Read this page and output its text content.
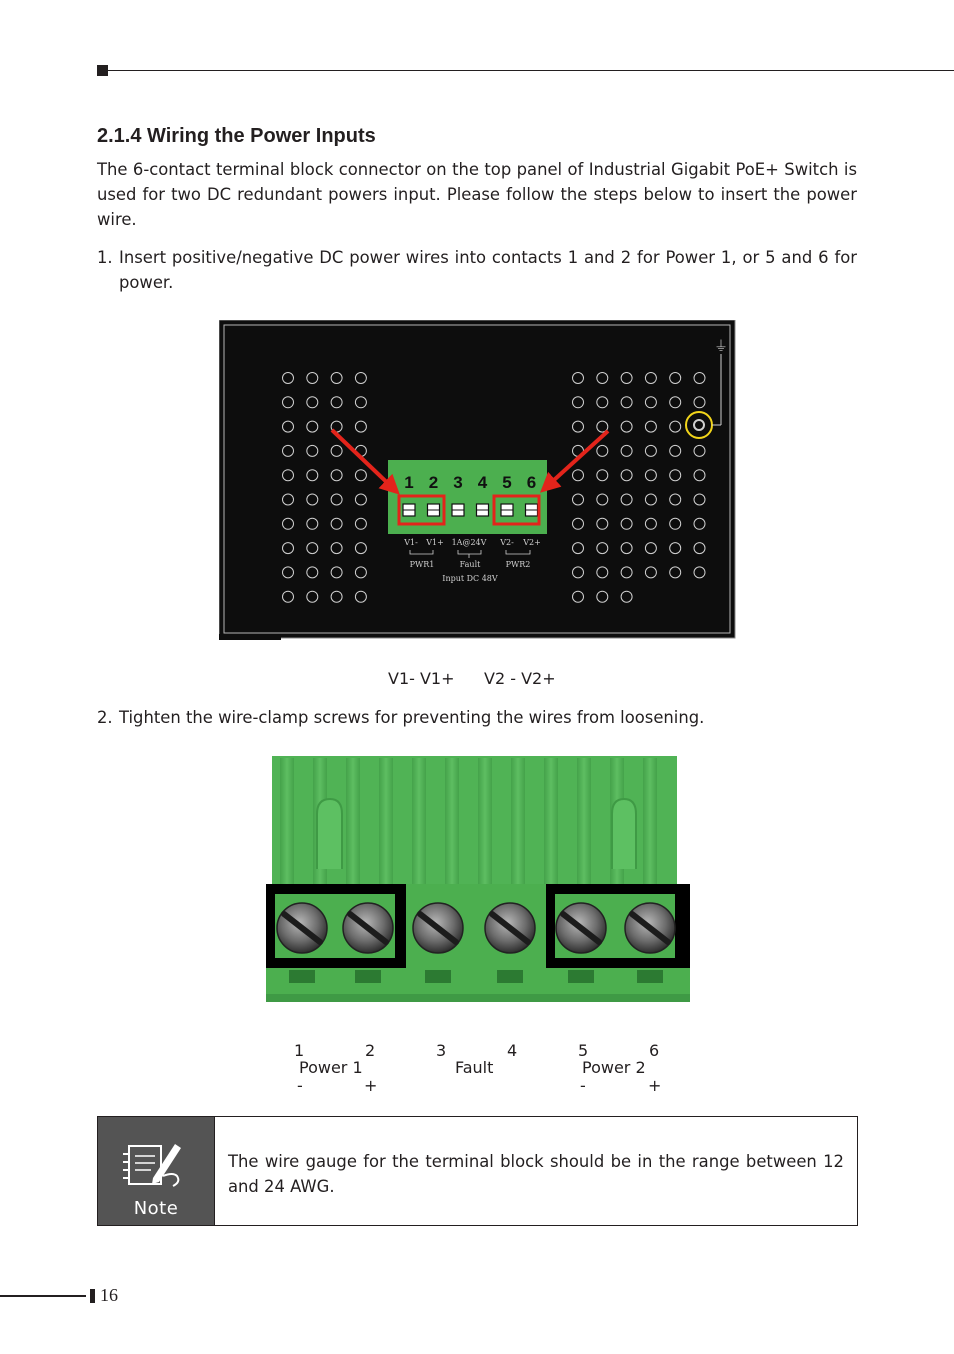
2.1.4 Wiring the Power Inputs

The 6-contact terminal block connector on the top panel of Industrial Gigabit PoE+ Switch is used for two DC redundant powers input. Please follow the steps below to insert the power wire.

1. Insert positive/negative DC power wires into contacts 1 and 2 for Power 1, or 5 and 6 for power.
⏚
1 2 3 4 5 6
V1- V1+ 1A@24V V2- V2+
PWR1	Fault	PWR2
Input DC 48V
V1- V1+ V2 - V2+
2. Tighten the wire-clamp screws for preventing the wires from loosening.
1	2	3	4	5	6
Power 1	Fault	Power 2
-	+	-	+
Note
The wire gauge for the terminal block should be in the range between 12 and 24 AWG.
16
